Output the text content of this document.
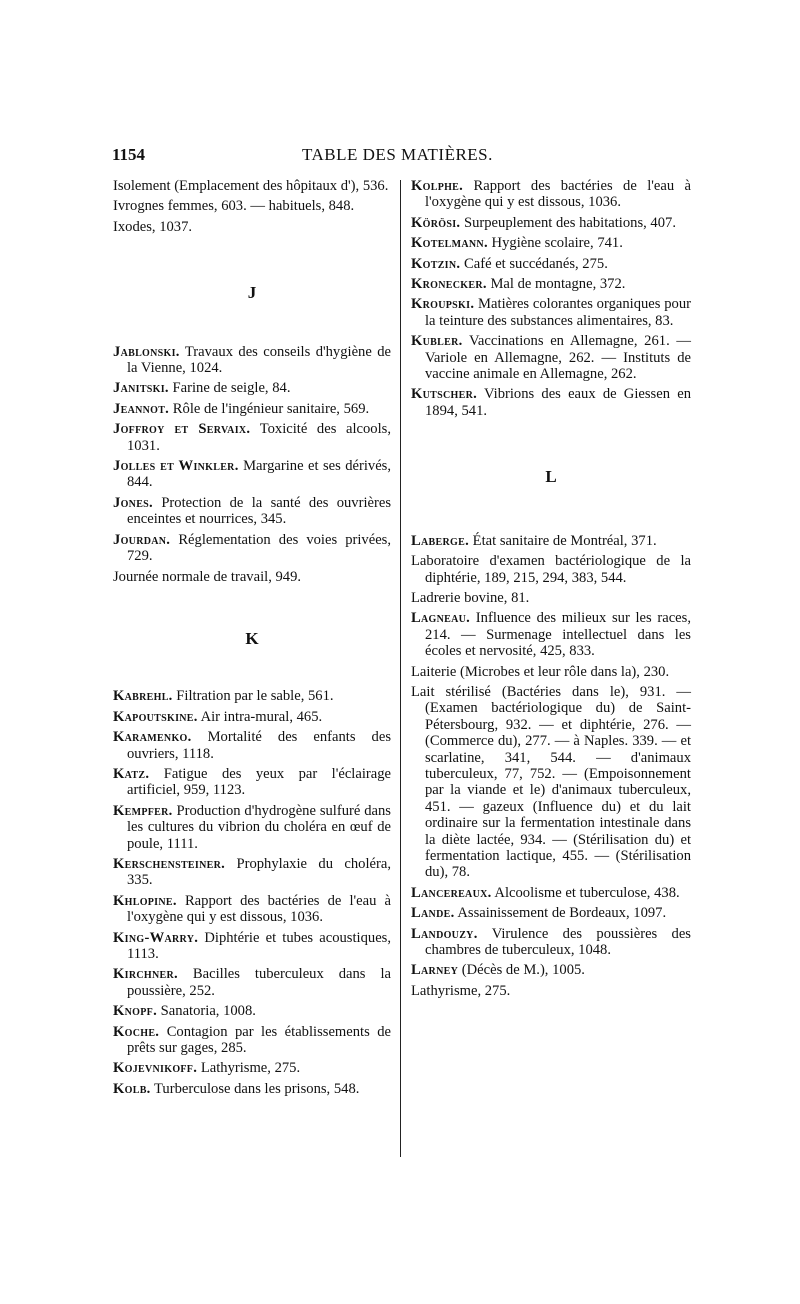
1154	TABLE DES MATIÈRES.
Isolement (Emplacement des hôpitaux d'), 536.
Ivrognes femmes, 603. — habituels, 848.
Ixodes, 1037.
J
Jablonski. Travaux des conseils d'hygiène de la Vienne, 1024.
Janitski. Farine de seigle, 84.
Jeannot. Rôle de l'ingénieur sanitaire, 569.
Joffroy et Servaix. Toxicité des alcools, 1031.
Jolles et Winkler. Margarine et ses dérivés, 844.
Jones. Protection de la santé des ouvrières enceintes et nourrices, 345.
Jourdan. Réglementation des voies privées, 729.
Journée normale de travail, 949.
K
Kabrehl. Filtration par le sable, 561.
Kapoutskine. Air intra-mural, 465.
Karamenko. Mortalité des enfants des ouvriers, 1118.
Katz. Fatigue des yeux par l'éclairage artificiel, 959, 1123.
Kempfer. Production d'hydrogène sulfuré dans les cultures du vibrion du choléra en œuf de poule, 1111.
Kerschensteiner. Prophylaxie du choléra, 335.
Khlopine. Rapport des bactéries de l'eau à l'oxygène qui y est dissous, 1036.
King-Warry. Diphtérie et tubes acoustiques, 1113.
Kirchner. Bacilles tuberculeux dans la poussière, 252.
Knopf. Sanatoria, 1008.
Koche. Contagion par les établissements de prêts sur gages, 285.
Kojevnikoff. Lathyrisme, 275.
Kolb. Turberculose dans les prisons, 548.
Kolphe. Rapport des bactéries de l'eau à l'oxygène qui y est dissous, 1036.
Körösi. Surpeuplement des habitations, 407.
Kotelmann. Hygiène scolaire, 741.
Kotzin. Café et succédanés, 275.
Kronecker. Mal de montagne, 372.
Kroupski. Matières colorantes organiques pour la teinture des substances alimentaires, 83.
Kubler. Vaccinations en Allemagne, 261. — Variole en Allemagne, 262. — Instituts de vaccine animale en Allemagne, 262.
Kutscher. Vibrions des eaux de Giessen en 1894, 541.
L
Laberge. État sanitaire de Montréal, 371.
Laboratoire d'examen bactériologique de la diphtérie, 189, 215, 294, 383, 544.
Ladrerie bovine, 81.
Lagneau. Influence des milieux sur les races, 214. — Surmenage intellectuel dans les écoles et nervosité, 425, 833.
Laiterie (Microbes et leur rôle dans la), 230.
Lait stérilisé (Bactéries dans le), 931. — (Examen bactériologique du) de Saint-Pétersbourg, 932. — et diphtérie, 276. — (Commerce du), 277. — à Naples. 339. — et scarlatine, 341, 544. — d'animaux tuberculeux, 77, 752. — (Empoisonnement par la viande et le) d'animaux tuberculeux, 451. — gazeux (Influence du) et du lait ordinaire sur la fermentation intestinale dans la diète lactée, 934. — (Stérilisation du) et fermentation lactique, 455. — (Stérilisation du), 78.
Lancereaux. Alcoolisme et tuberculose, 438.
Lande. Assainissement de Bordeaux, 1097.
Landouzy. Virulence des poussières des chambres de tuberculeux, 1048.
Larney (Décès de M.), 1005.
Lathyrisme, 275.
